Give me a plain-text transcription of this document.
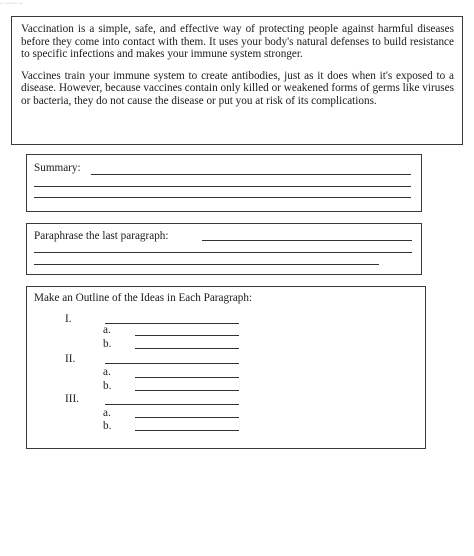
~ ~~~ ~

Vaccination is a simple, safe, and effective way of protecting people against harmful diseases before they come into contact with them. It uses your body's natural defenses to build resistance to specific infections and makes your immune system stronger.

Vaccines train your immune system to create antibodies, just as it does when it's exposed to a disease. However, because vaccines contain only killed or weakened forms of germs like viruses or bacteria, they do not cause the disease or put you at risk of its complications.

Summary:
Paraphrase the last paragraph:
Make an Outline of the Ideas in Each Paragraph:
I.
a.
b.
II.
a.
b.
III.
a.
b.
